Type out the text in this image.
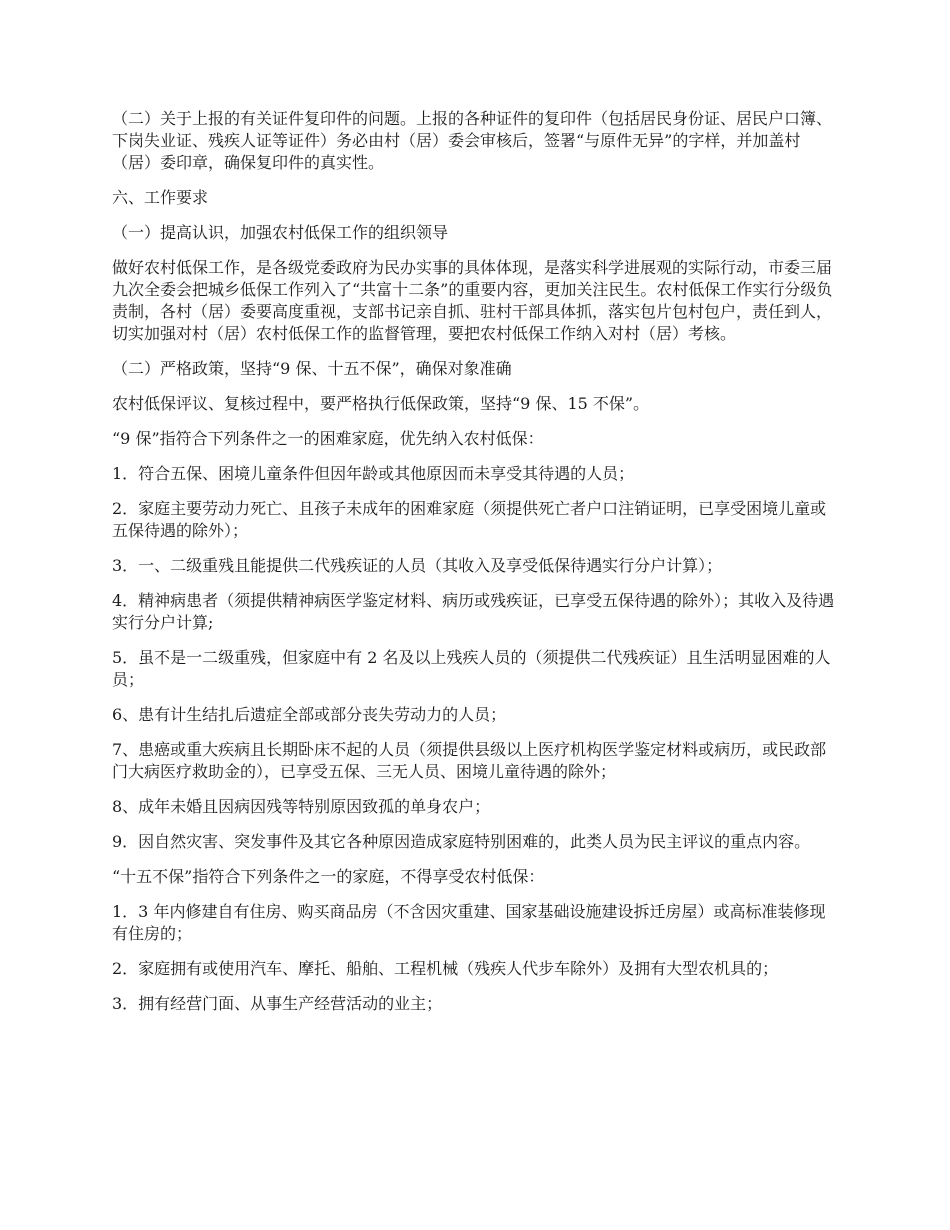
（二）关于上报的有关证件复印件的问题。上报的各种证件的复印件（包括居民身份证、居民户口簿、下岗失业证、残疾人证等证件）务必由村（居）委会审核后，签署“与原件无异”的字样，并加盖村（居）委印章，确保复印件的真实性。

六、工作要求

（一）提高认识，加强农村低保工作的组织领导

做好农村低保工作，是各级党委政府为民办实事的具体体现，是落实科学进展观的实际行动，市委三届九次全委会把城乡低保工作列入了“共富十二条”的重要内容，更加关注民生。农村低保工作实行分级负责制，各村（居）委要高度重视，支部书记亲自抓、驻村干部具体抓，落实包片包村包户，责任到人，切实加强对村（居）农村低保工作的监督管理，要把农村低保工作纳入对村（居）考核。

（二）严格政策，坚持“9 保、十五不保”，确保对象准确

农村低保评议、复核过程中，要严格执行低保政策，坚持“9 保、15 不保”。

“9 保”指符合下列条件之一的困难家庭，优先纳入农村低保：

1．符合五保、困境儿童条件但因年龄或其他原因而未享受其待遇的人员；

2．家庭主要劳动力死亡、且孩子未成年的困难家庭（须提供死亡者户口注销证明，已享受困境儿童或五保待遇的除外）；

3．一、二级重残且能提供二代残疾证的人员（其收入及享受低保待遇实行分户计算）；

4．精神病患者（须提供精神病医学鉴定材料、病历或残疾证，已享受五保待遇的除外）；其收入及待遇实行分户计算;

5．虽不是一二级重残，但家庭中有 2 名及以上残疾人员的（须提供二代残疾证）且生活明显困难的人员；

6、患有计生结扎后遗症全部或部分丧失劳动力的人员；

7、患癌或重大疾病且长期卧床不起的人员（须提供县级以上医疗机构医学鉴定材料或病历，或民政部门大病医疗救助金的），已享受五保、三无人员、困境儿童待遇的除外；

8、成年未婚且因病因残等特别原因致孤的单身农户；

9．因自然灾害、突发事件及其它各种原因造成家庭特别困难的，此类人员为民主评议的重点内容。

“十五不保”指符合下列条件之一的家庭，不得享受农村低保：

1．3 年内修建自有住房、购买商品房（不含因灾重建、国家基础设施建设拆迁房屋）或高标准装修现有住房的；

2．家庭拥有或使用汽车、摩托、船舶、工程机械（残疾人代步车除外）及拥有大型农机具的；

3．拥有经营门面、从事生产经营活动的业主；
